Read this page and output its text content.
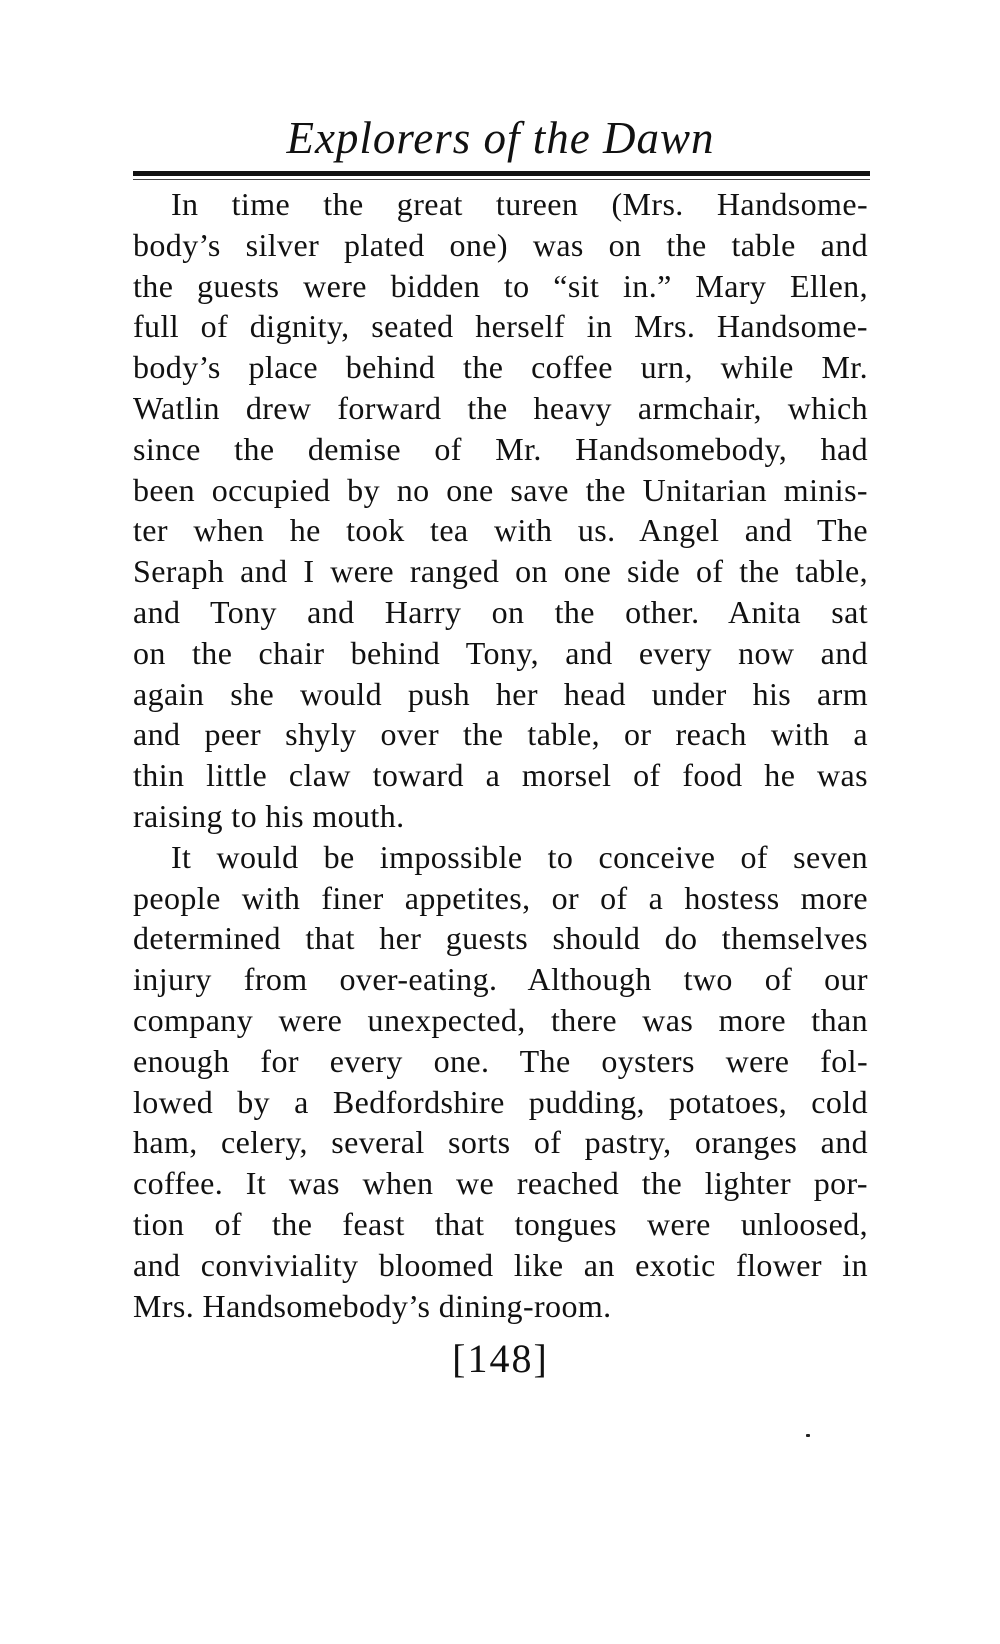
Explorers of the Dawn

In time the great tureen (Mrs. Handsome-
body’s silver plated one) was on the table and
the guests were bidden to “sit in.” Mary Ellen,
full of dignity, seated herself in Mrs. Handsome-
body’s place behind the coffee urn, while Mr.
Watlin drew forward the heavy armchair, which
since the demise of Mr. Handsomebody, had
been occupied by no one save the Unitarian minis-
ter when he took tea with us. Angel and The
Seraph and I were ranged on one side of the table,
and Tony and Harry on the other. Anita sat
on the chair behind Tony, and every now and
again she would push her head under his arm
and peer shyly over the table, or reach with a
thin little claw toward a morsel of food he was
raising to his mouth.

It would be impossible to conceive of seven
people with finer appetites, or of a hostess more
determined that her guests should do themselves
injury from over-eating. Although two of our
company were unexpected, there was more than
enough for every one. The oysters were fol-
lowed by a Bedfordshire pudding, potatoes, cold
ham, celery, several sorts of pastry, oranges and
coffee. It was when we reached the lighter por-
tion of the feast that tongues were unloosed,
and conviviality bloomed like an exotic flower in
Mrs. Handsomebody’s dining-room.

[148]
